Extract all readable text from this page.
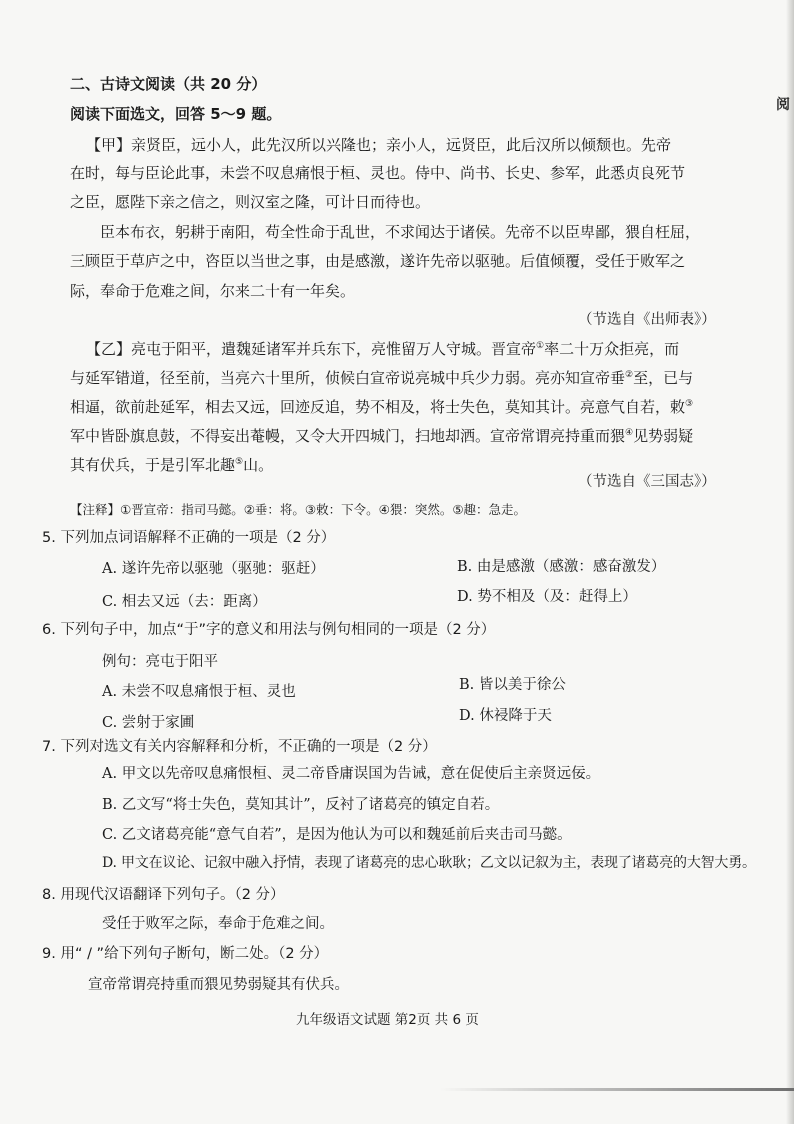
阅
二、古诗文阅读（共 20 分）
阅读下面选文，回答 5～9 题。
【甲】亲贤臣，远小人，此先汉所以兴隆也；亲小人，远贤臣，此后汉所以倾颓也。先帝
在时，每与臣论此事，未尝不叹息痛恨于桓、灵也。侍中、尚书、长史、参军，此悉贞良死节
之臣，愿陛下亲之信之，则汉室之隆，可计日而待也。
臣本布衣，躬耕于南阳，苟全性命于乱世，不求闻达于诸侯。先帝不以臣卑鄙，猥自枉屈，
三顾臣于草庐之中，咨臣以当世之事，由是感激，遂许先帝以驱驰。后值倾覆，受任于败军之
际，奉命于危难之间，尔来二十有一年矣。
（节选自《出师表》）
【乙】亮屯于阳平，遣魏延诸军并兵东下，亮惟留万人守城。晋宣帝①率二十万众拒亮，而
与延军错道，径至前，当亮六十里所，侦候白宣帝说亮城中兵少力弱。亮亦知宣帝垂②至，已与
相逼，欲前赴延军，相去又远，回迹反追，势不相及，将士失色，莫知其计。亮意气自若，敕③
军中皆卧旗息鼓，不得妄出菴幔，又令大开四城门，扫地却洒。宣帝常谓亮持重而猥④见势弱疑
其有伏兵，于是引军北趣⑤山。
（节选自《三国志》）
【注释】①晋宣帝：指司马懿。②垂：将。③敕：下令。④猥：突然。⑤趣：急走。
5. 下列加点词语解释不正确的一项是（2 分）
A. 遂许先帝以驱驰（驱驰：驱赶）	B. 由是感激（感激：感奋激发）
C. 相去又远（去：距离）	D. 势不相及（及：赶得上）
6. 下列句子中，加点“于”字的意义和用法与例句相同的一项是（2 分）
例句：亮屯于阳平
A. 未尝不叹息痛恨于桓、灵也	B. 皆以美于徐公
C. 尝射于家圃	D. 休祲降于天
7. 下列对选文有关内容解释和分析，不正确的一项是（2 分）
A. 甲文以先帝叹息痛恨桓、灵二帝昏庸误国为告诫，意在促使后主亲贤远佞。
B. 乙文写“将士失色，莫知其计”，反衬了诸葛亮的镇定自若。
C. 乙文诸葛亮能“意气自若”，是因为他认为可以和魏延前后夹击司马懿。
D. 甲文在议论、记叙中融入抒情，表现了诸葛亮的忠心耿耿；乙文以记叙为主，表现了诸葛亮的大智大勇。
8. 用现代汉语翻译下列句子。（2 分）
受任于败军之际，奉命于危难之间。
9. 用“ / ”给下列句子断句，断二处。（2 分）
宣帝常谓亮持重而猥见势弱疑其有伏兵。
九年级语文试题 第2页 共 6 页
